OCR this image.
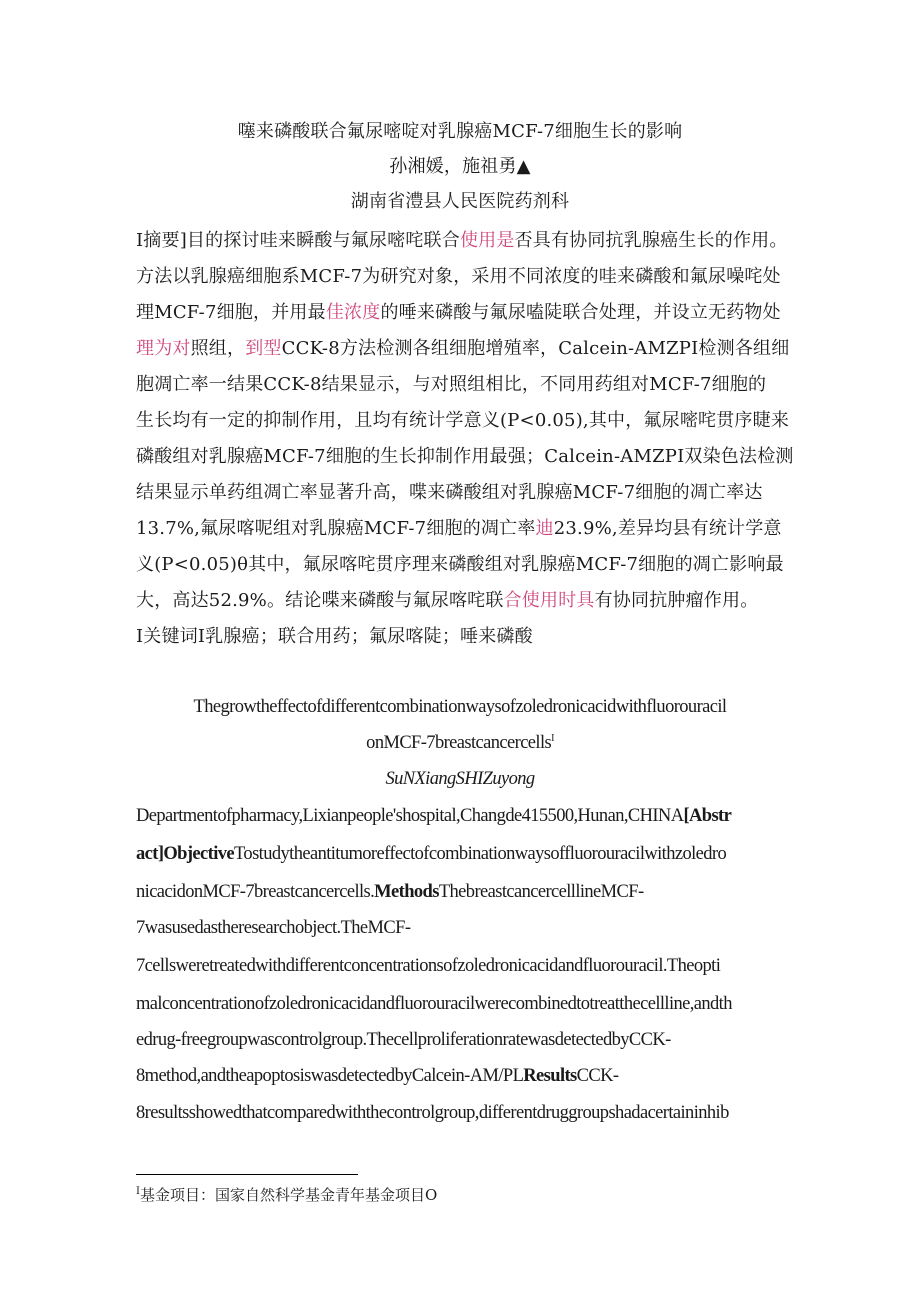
噻来磷酸联合氟尿嘧啶对乳腺癌MCF-7细胞生长的影响
孙湘媛，施祖勇▲
湖南省澧县人民医院药剂科
I摘要]目的探讨哇来瞬酸与氟尿嘧咤联合使用是否具有协同抗乳腺癌生长的作用。
方法以乳腺癌细胞系MCF-7为研究对象，采用不同浓度的哇来磷酸和氟尿噪咤处
理MCF-7细胞，并用最佳浓度的唾来磷酸与氟尿嗑陡联合处理，并设立无药物处
理为对照组，到型CCK-8方法检测各组细胞增殖率，Calcein-AMZPI检测各组细
胞凋亡率一结果CCK-8结果显示，与对照组相比，不同用药组对MCF-7细胞的
生长均有一定的抑制作用，且均有统计学意义(P<0.05),其中，氟尿嘧咤贯序睫来
磷酸组对乳腺癌MCF-7细胞的生长抑制作用最强；Calcein-AMZPI双染色法检测
结果显示单药组凋亡率显著升高，喋来磷酸组对乳腺癌MCF-7细胞的凋亡率达
13.7%,氟尿喀呢组对乳腺癌MCF-7细胞的凋亡率迪23.9%,差异均县有统计学意
义(P<0.05)θ其中，氟尿喀咤贯序理来磷酸组对乳腺癌MCF-7细胞的凋亡影响最
大，高达52.9%。结论喋来磷酸与氟尿喀咤联合使用时具有协同抗肿瘤作用。
I关键词I乳腺癌；联合用药；氟尿喀陡；唾来磷酸
Thegrowtheffectofdifferentcombinationwaysofzoledronicacidwithfluorouracil
onMCF-7breastcancercells$^I$
SuNXiangSHIZuyong
Departmentofpharmacy,Lixianpeople'shospital,Changde415500,Hunan,CHINA[Abstr
act]ObjectiveTostudytheantitumoreffectofcombinationwaysoffluorouracilwithzoledro
nicacidonMCF-7breastcancercells.MethodsThebreastcancercelllineMCF-
7wasusedastheresearchobject.TheMCF-
7cellsweretreatedwithdifferentconcentrationsofzoledronicacidandfluorouracil.Theopti
malconcentrationofzoledronicacidandfluorouracilwerecombinedtotreatthecellline,andth
edrug-freegroupwascontrolgroup.ThecellproliferationratewasdetectedbyCCK-
8method,andtheapoptosiswasdetectedbyCalcein-AM/PLResultsCCK-
8resultsshowedthatcomparedwiththecontrolgroup,differentdruggroupshadacertaininhib
$^I$基金项目：国家自然科学基金青年基金项目O
